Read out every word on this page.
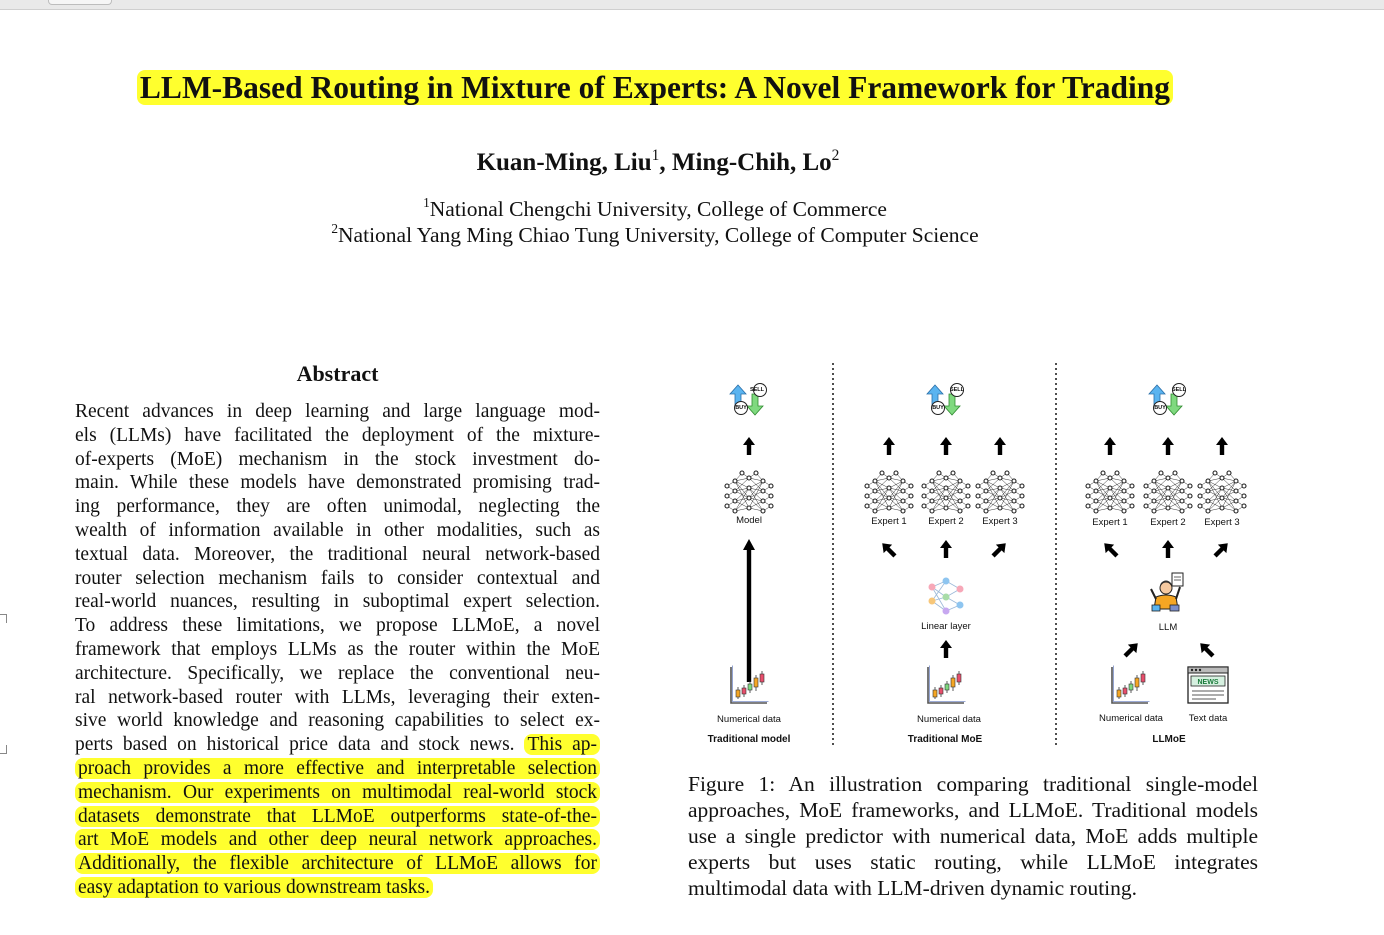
LLM-Based Routing in Mixture of Experts: A Novel Framework for Trading
Kuan-Ming, Liu$^1$, Ming-Chih, Lo$^2$
$^1$National Chengchi University, College of Commerce
$^2$National Yang Ming Chiao Tung University, College of Computer Science
Abstract
Recent advances in deep learning and large language mod-
els (LLMs) have facilitated the deployment of the mixture-
of-experts (MoE) mechanism in the stock investment do-
main. While these models have demonstrated promising trad-
ing performance, they are often unimodal, neglecting the
wealth of information available in other modalities, such as
textual data. Moreover, the traditional neural network-based
router selection mechanism fails to consider contextual and
real-world nuances, resulting in suboptimal expert selection.
To address these limitations, we propose LLMoE, a novel
framework that employs LLMs as the router within the MoE
architecture. Specifically, we replace the conventional neu-
ral network-based router with LLMs, leveraging their exten-
sive world knowledge and reasoning capabilities to select ex-
perts based on historical price data and stock news. This ap-
proach provides a more effective and interpretable selection
mechanism. Our experiments on multimodal real-world stock
datasets demonstrate that LLMoE outperforms state-of-the-
art MoE models and other deep neural network approaches.
Additionally, the flexible architecture of LLMoE allows for
easy adaptation to various downstream tasks.
SELL
BUY
SELL
BUY
SELL
BUY
Model	Expert 1 Expert 2 Expert 3	Expert 1 Expert 2 Expert 3
Linear layer	LLM
NEWS
Numerical data	Numerical data	Numerical data	Text data
Traditional model	Traditional MoE	LLMoE
Figure 1: An illustration comparing traditional single-model approaches, MoE frameworks, and LLMoE. Traditional models use a single predictor with numerical data, MoE adds multiple experts but uses static routing, while LLMoE integrates multimodal data with LLM-driven dynamic routing.
